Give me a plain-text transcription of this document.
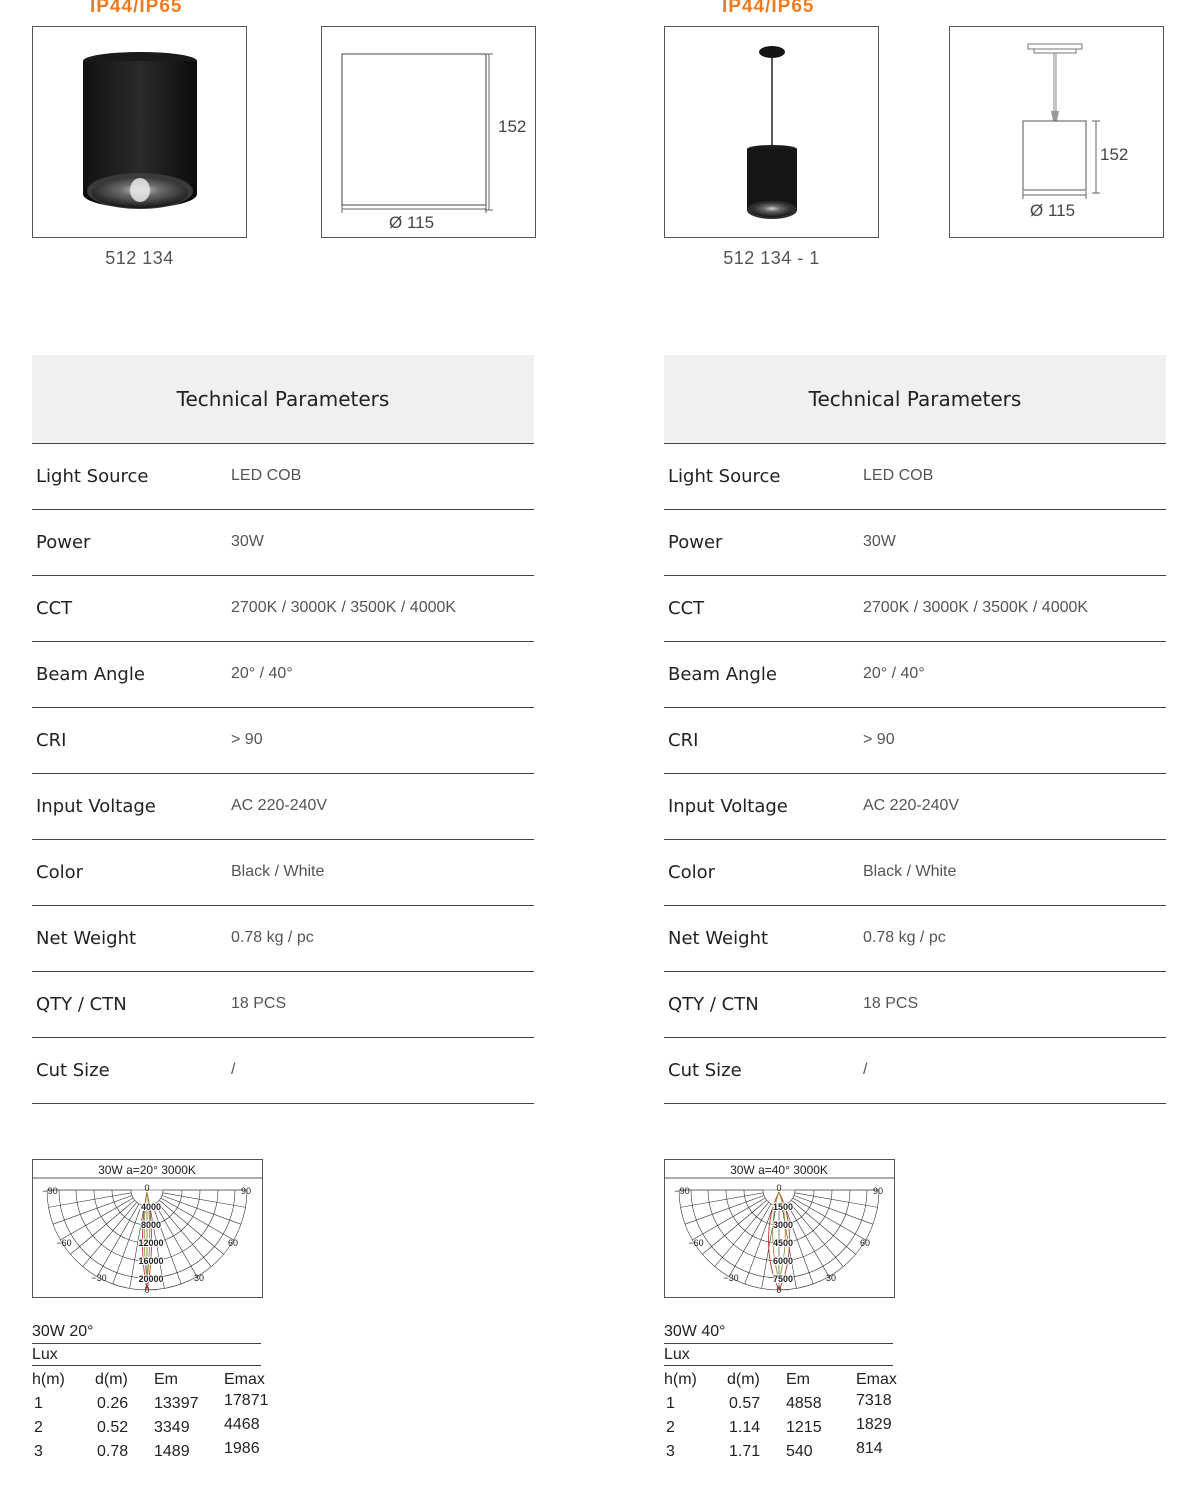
IP44/IP65
152
Ø 115
512 134
Technical Parameters
Light Source	LED COB
Power	30W
CCT	2700K / 3000K / 3500K / 4000K
Beam Angle	20° / 40°
CRI	> 90
Input Voltage	AC 220-240V
Color	Black / White
Net Weight	0.78 kg / pc
QTY / CTN	18 PCS
Cut Size	/
30W a=20° 3000K
−90	90
−60	60
−30	30
0
0
4000
8000
12000
16000
20000
30W 20°
Lux
h(m) d(m) Em	Emax
1	0.26 13397 17871
2	0.52 3349 4468
3	0.78 1489 1986
IP44/IP65
152
Ø 115
512 134 - 1
Technical Parameters
Light Source	LED COB
Power	30W
CCT	2700K / 3000K / 3500K / 4000K
Beam Angle	20° / 40°
CRI	> 90
Input Voltage	AC 220-240V
Color	Black / White
Net Weight	0.78 kg / pc
QTY / CTN	18 PCS
Cut Size	/
30W a=40° 3000K
−90	90
−60	60
−30	30
0
0
1500
3000
4500
6000
7500
30W 40°
Lux
h(m) d(m) Em	Emax
1	0.57 4858 7318
2	1.14 1215 1829
3	1.71 540	814
